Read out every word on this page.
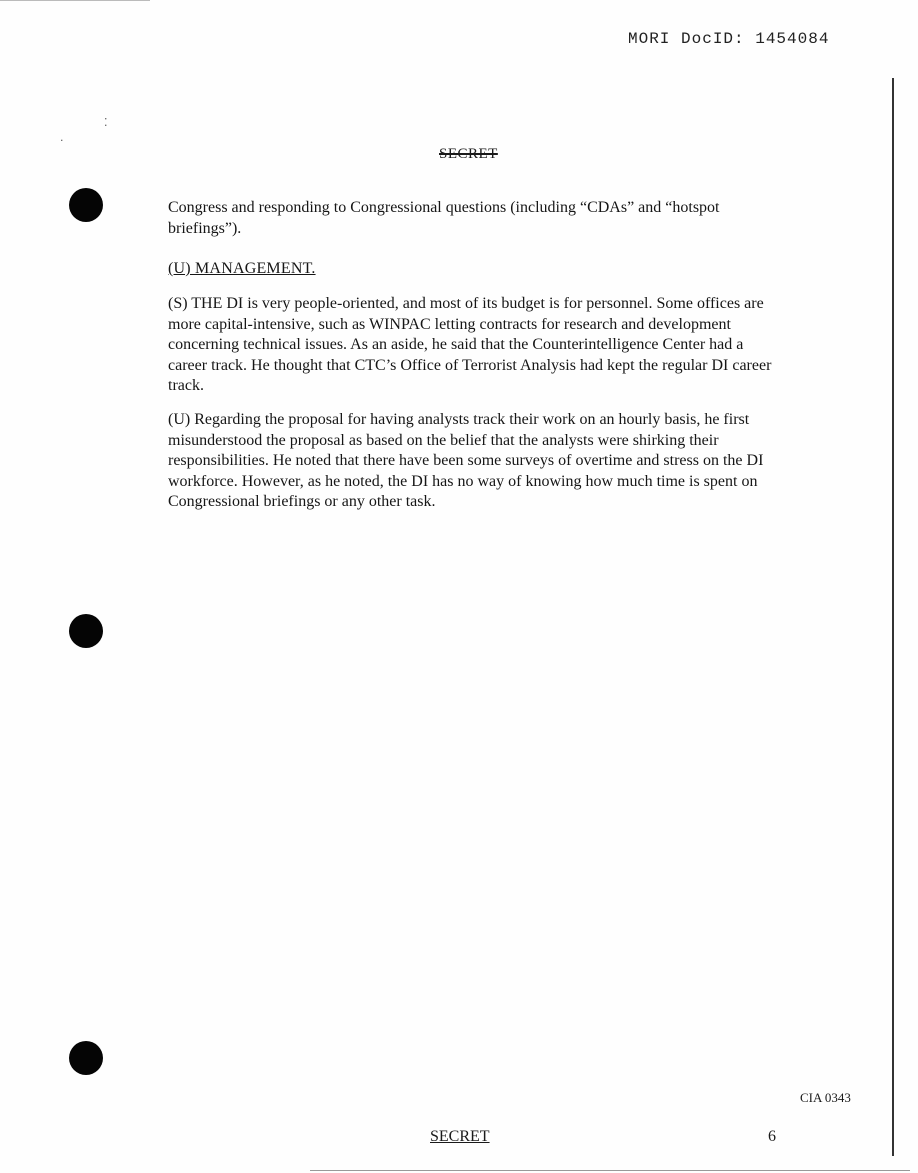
MORI DocID: 1454084
⁚
·
SECRET

Congress and responding to Congressional questions (including “CDAs” and “hotspot briefings”).

(U) MANAGEMENT.

(S) THE DI is very people-oriented, and most of its budget is for personnel. Some offices are more capital-intensive, such as WINPAC letting contracts for research and development concerning technical issues. As an aside, he said that the Counterintelligence Center had a career track. He thought that CTC’s Office of Terrorist Analysis had kept the regular DI career track.

(U) Regarding the proposal for having analysts track their work on an hourly basis, he first misunderstood the proposal as based on the belief that the analysts were shirking their responsibilities. He noted that there have been some surveys of overtime and stress on the DI workforce. However, as he noted, the DI has no way of knowing how much time is spent on Congressional briefings or any other task.

CIA 0343
SECRET	6
